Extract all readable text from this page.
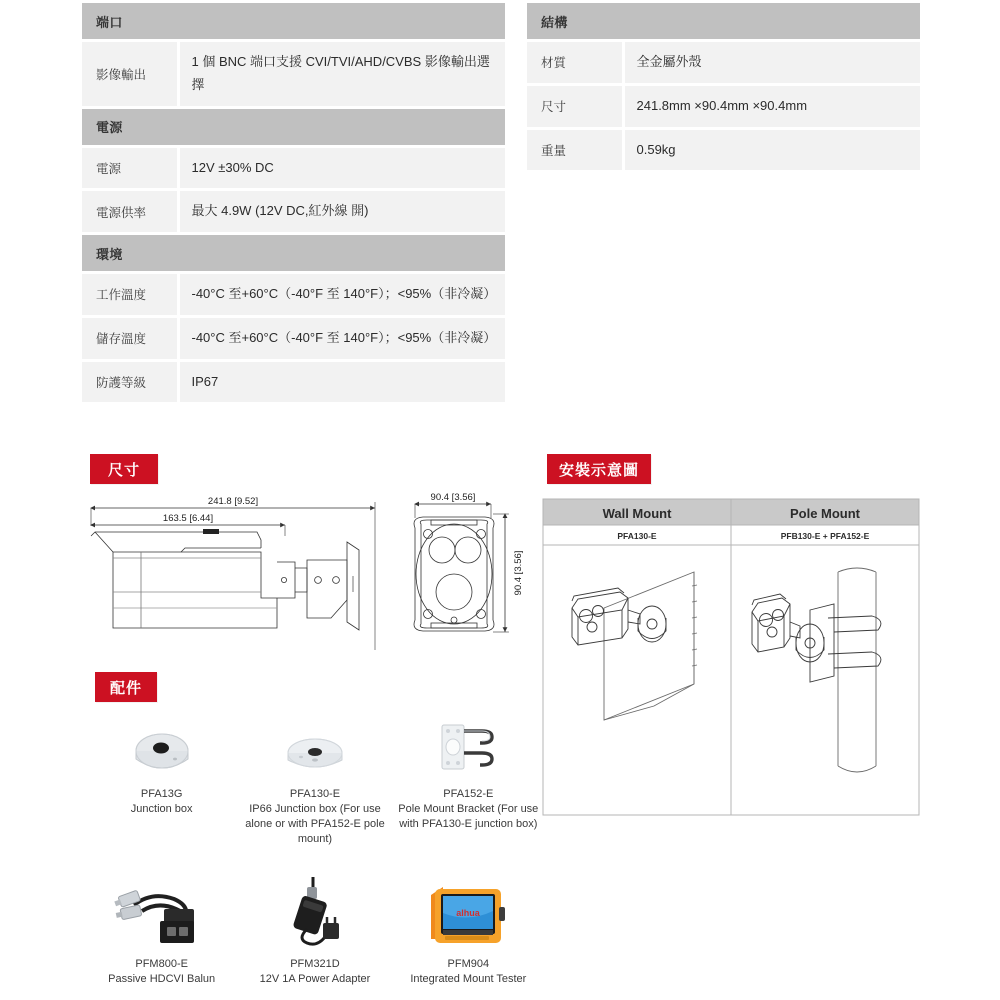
端口	
影像輸出	1 個 BNC 端口支援 CVI/TVI/AHD/CVBS 影像輸出選擇
電源	
電源	12V ±30% DC
電源供率	最大 4.9W (12V DC,紅外線 開)
環境	
工作溫度	-40°C 至+60°C（-40°F 至 140°F）；<95%（非冷凝）
儲存溫度	-40°C 至+60°C（-40°F 至 140°F）；<95%（非冷凝）
防護等級	IP67
結構	
材質	全金屬外殼
尺寸	241.8mm ×90.4mm ×90.4mm
重量	0.59kg
尺寸
配件
安裝示意圖
241.8 [9.52]
163.5 [6.44]
90.4 [3.56]
90.4 [3.56]
Wall Mount	Pole Mount
PFA130-E	PFB130-E + PFA152-E
PFA13G
Junction box
PFA130-E
IP66 Junction box (For use alone or with PFA152-E pole mount)
PFA152-E
Pole Mount Bracket (For use with PFA130-E junction box)
PFM800-E
Passive HDCVI Balun
PFM321D
12V 1A Power Adapter
alhua
PFM904
Integrated Mount Tester
